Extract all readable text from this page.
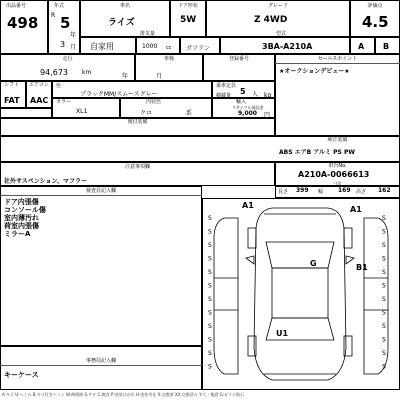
出品番号
498
年式
R 5
年
3 月
車名
ライズ
ドア形状
5W
グレード
Z 4WD
評価点
4.5
自家用
排気量
1000 cc ガソリン
型式
3BA-A210A	A B
走行
94,673 km
車検
年	月
登録番号	セールスポイント
★オークションデビュー★
シフト
FAT
エアコン
AAC
色
ブラックMM/スムースグレー
乗車定員
5 人
積載量	kg
カラー
XL1
内装色
クロ	系
輸入
リサイクル預託金
9,000 円
後付装備
純正装備
ABS エアB アルミ PS PW
注意事項欄
社外サスペンション、マフラー
車台No.
A210A-0066613
寸法
長さ 399 幅 169 高さ 162
検査員記入欄
ドア内張傷
コンソール傷
室内薄汚れ
荷室内張傷
ミラーA
事務局記入欄
キーケース
A1	A1
G	B1
U1
S
S
S
S
S
S
S
S
S
S
S
S
S
S
S
S
S
S
S
S
S
S
S
S
A:キズ U:へこみ B:キズ付きヘコミ W:修理跡 S:サビ C:腐食 P:塗装はがれ H:塗装劣化 X:交換要 XX:交換済み Y:穴・亀裂 G:ガラス飛石
